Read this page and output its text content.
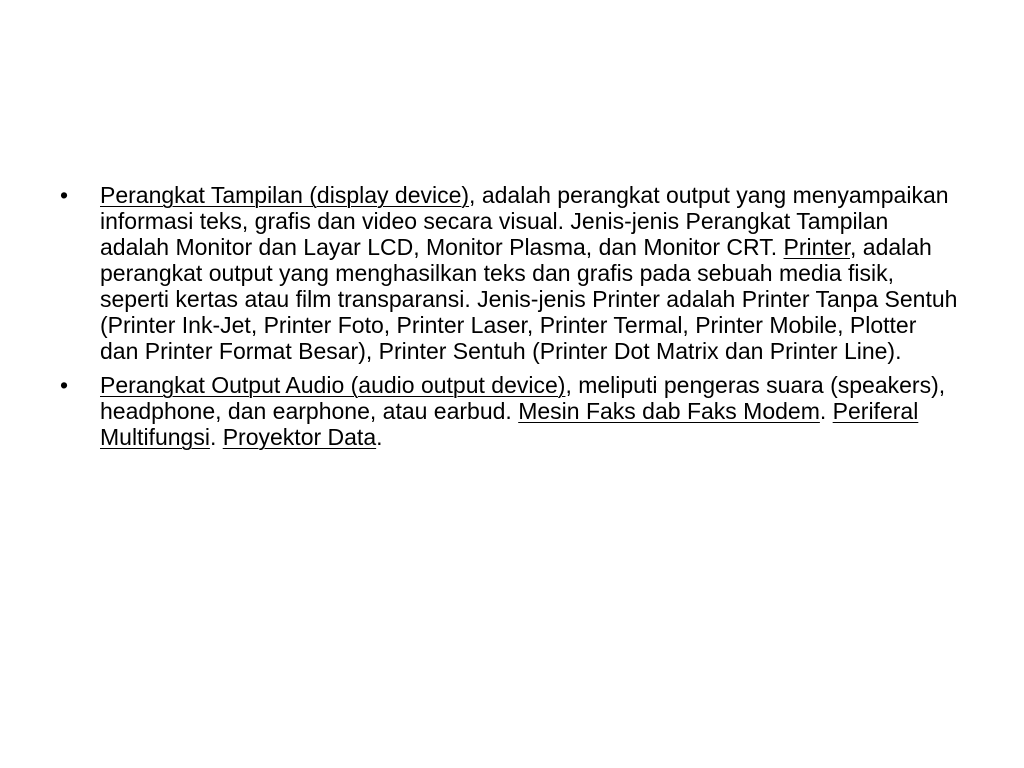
•	Perangkat Tampilan (display device), adalah perangkat output yang menyampaikan informasi teks, grafis dan video secara visual. Jenis-jenis Perangkat Tampilan adalah Monitor dan Layar LCD, Monitor Plasma, dan Monitor CRT. Printer, adalah perangkat output yang menghasilkan teks dan grafis pada sebuah media fisik, seperti kertas atau film transparansi. Jenis-jenis Printer adalah Printer Tanpa Sentuh (Printer Ink-Jet, Printer Foto, Printer Laser, Printer Termal, Printer Mobile, Plotter dan Printer Format Besar), Printer Sentuh (Printer Dot Matrix dan Printer Line).
•	Perangkat Output Audio (audio output device), meliputi pengeras suara (speakers), headphone, dan earphone, atau earbud. Mesin Faks dab Faks Modem. Periferal Multifungsi. Proyektor Data.
